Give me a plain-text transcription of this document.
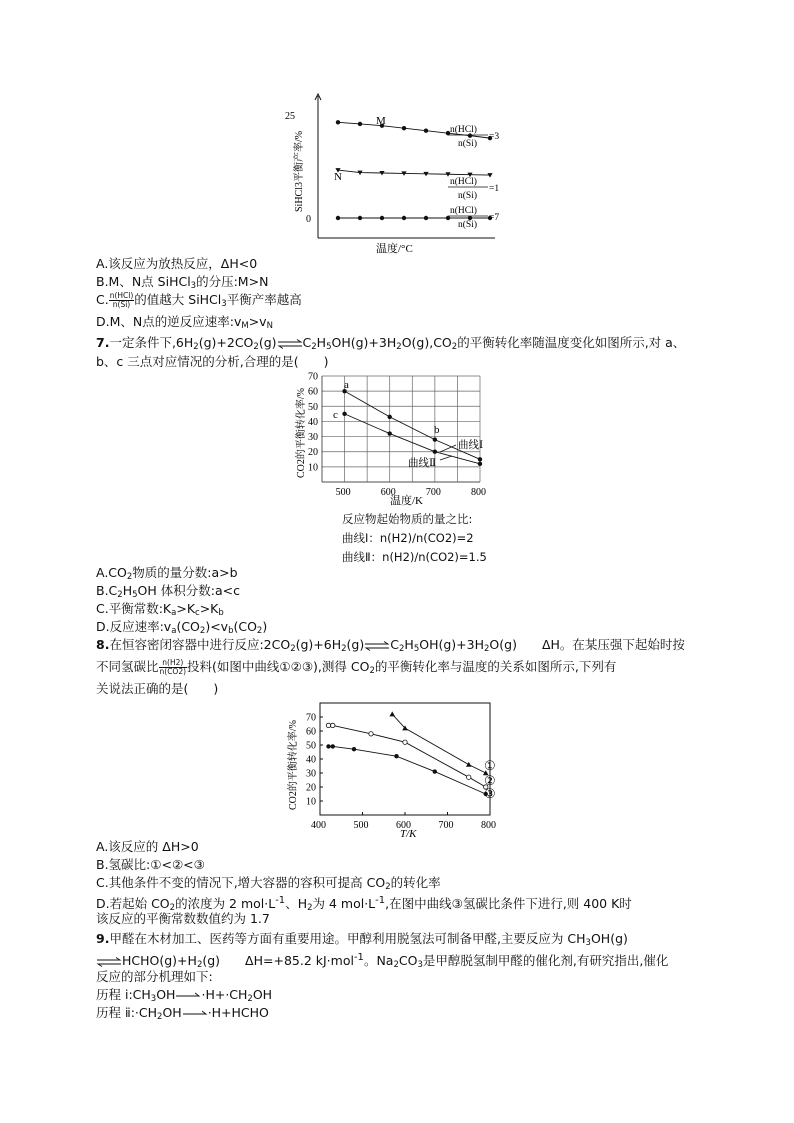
25
0
SiHCl3平衡产率/%
温度/°C
M
N
n(HCl)
n(Si)
=3
n(HCl)
n(Si)
=1
n(HCl)
n(Si)
=7
A.该反应为放热反应，ΔH<0
B.M、N点 SiHCl$_3$的分压:M>N
C. $\frac{\text{n(HCl)}}{n(Si)}$ 的值越大 SiHCl$_3$平衡产率越高
D.M、N点的逆反应速率$:v_M>v_N$
7.一定条件下$,6H_2(g)+2CO_2(g)\rightleftharpoons C_2H_5OH(g)+3H_2O(g),CO_2$的平衡转化率随温度变化如图所示,对 a、
b、c 三点对应情况的分析,合理的是(　　)
10
20
30
40
50
60
70
500	600	700	800
CO2的平衡转化率/%
温度/K
a
b
c
曲线Ⅰ
曲线Ⅱ
反应物起始物质的量之比:
曲线Ⅰ：n(H2)/n(CO2)=2
曲线Ⅱ：n(H2)/n(CO2)=1.5
$A.CO_2$物质的量分数:a>b
$B.C_2H_5OH$ 体积分数:a<c
C.平衡常数$:K_a>K_c>K_b$
D.反应速率$:v_a(CO_2)<v_b(CO_2)$
8.在恒容密闭容器中进行反应$:2CO_2(g)+6H_2(g)\rightleftharpoons C_2H_5OH(g)+3H_2O(g)$　　ΔH。在某压强下起始时按
不同氢碳比 $\frac{n(H2)}{n(CO2)}$ 投料(如图中曲线①②③),测得 $CO_2$的平衡转化率与温度的关系如图所示,下列有
关说法正确的是(　　)
10
20
30
40
50
60
70
400	500	600	700	800
CO2的平衡转化率/%
T/K
①
②
③
A.该反应的 ΔH>0
B.氢碳比:①<②<③
C.其他条件不变的情况下,增大容器的容积可提高 $CO_2$的转化率
D.若起始 $CO_2$的浓度为 2 $mol\cdot L^{-1}$、$H_2$为 4 $mol\cdot L^{-1}$,在图中曲线③氢碳比条件下进行,则 400 K时
该反应的平衡常数数值约为 1.7
9.甲醛在木材加工、医药等方面有重要用途。甲醇利用脱氢法可制备甲醛,主要反应为 $CH_3OH(g)$
$\rightleftharpoons HCHO(g)+H_2(g)$　　ΔH=+85.2 kJ·mol$^{-1}$。$Na_2CO_3$是甲醇脱氢制甲醛的催化剂,有研究指出,催化
反应的部分机理如下:
历程 $ⅰ:CH_3OH\to\cdot H+\cdot CH_2OH$
历程 $ⅱ:\cdot CH_2OH\to\cdot H+HCHO$
